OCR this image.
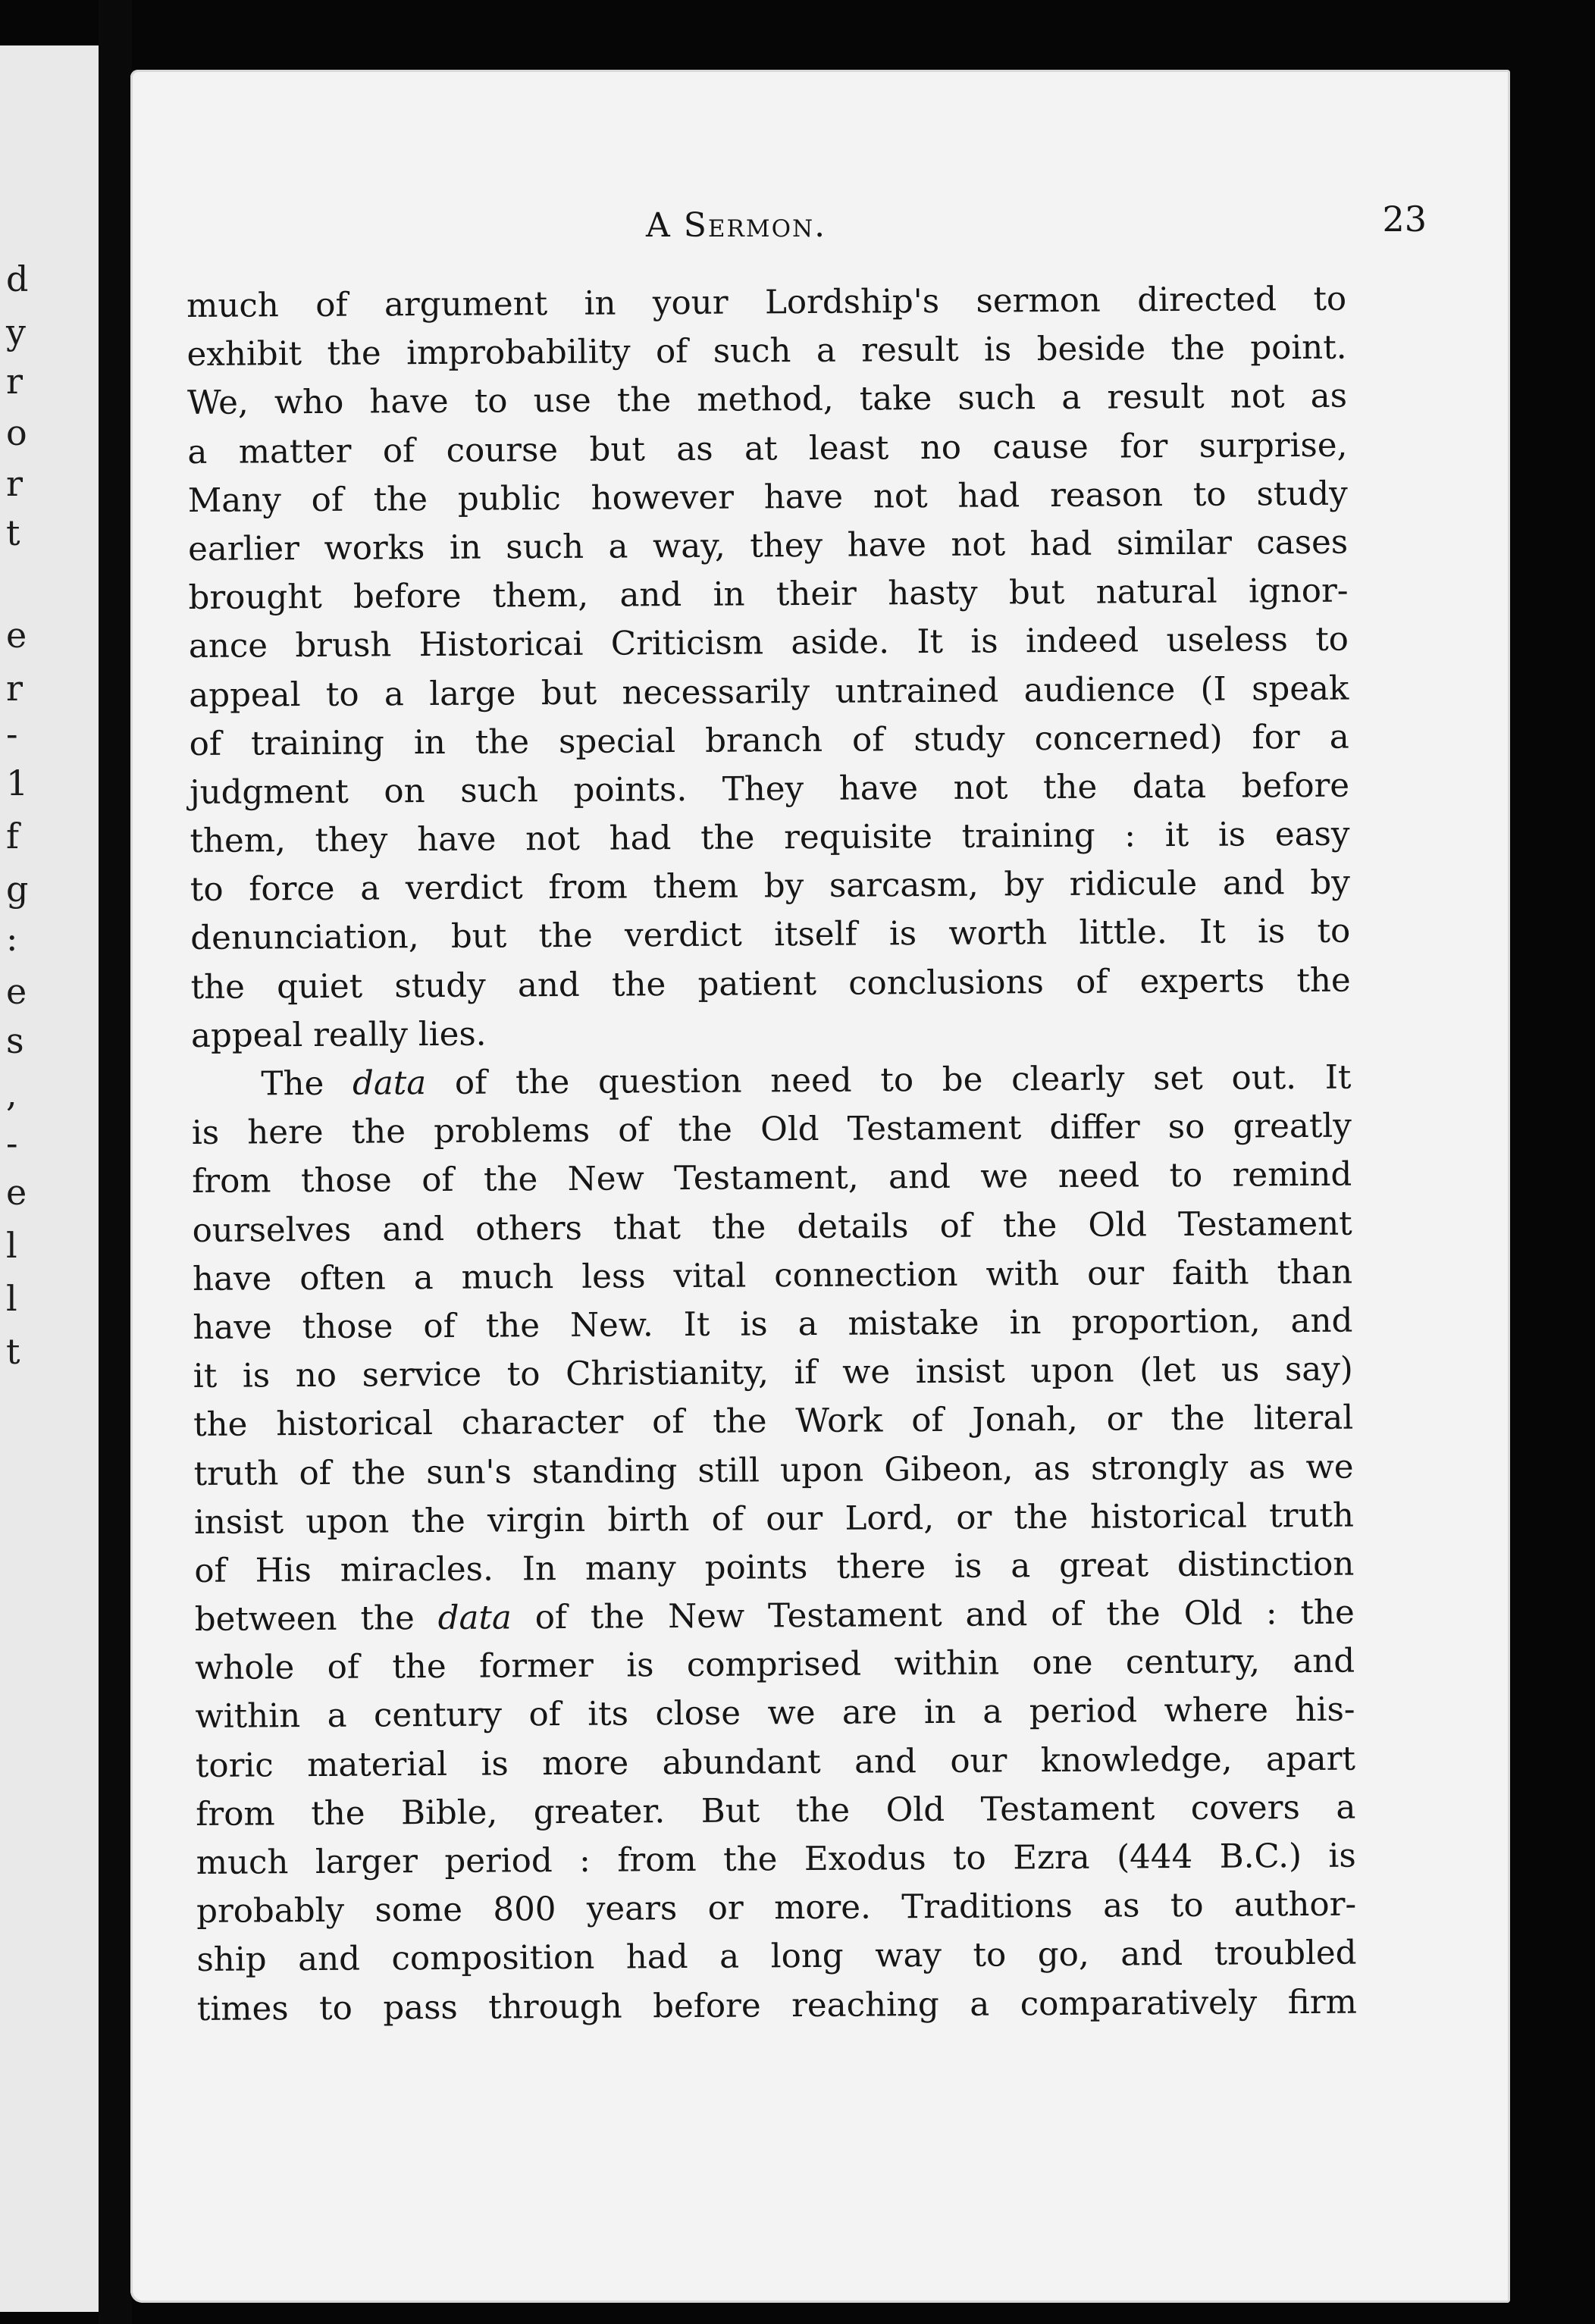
d
y
r
o
r
t
e
r
-
1
f
g
:
e
s
,
-
e
l
l
t
A Sermon.	23
much of argument in your Lordship's sermon directed to
exhibit the improbability of such a result is beside the point.
We, who have to use the method, take such a result not as
a matter of course but as at least no cause for surprise,
Many of the public however have not had reason to study
earlier works in such a way, they have not had similar cases
brought before them, and in their hasty but natural ignor-
ance brush Historicai Criticism aside. It is indeed useless to
appeal to a large but necessarily untrained audience (I speak
of training in the special branch of study concerned) for a
judgment on such points. They have not the data before
them, they have not had the requisite training : it is easy
to force a verdict from them by sarcasm, by ridicule and by
denunciation, but the verdict itself is worth little. It is to
the quiet study and the patient conclusions of experts the
appeal really lies.
The data of the question need to be clearly set out. It
is here the problems of the Old Testament differ so greatly
from those of the New Testament, and we need to remind
ourselves and others that the details of the Old Testament
have often a much less vital connection with our faith than
have those of the New. It is a mistake in proportion, and
it is no service to Christianity, if we insist upon (let us say)
the historical character of the Work of Jonah, or the literal
truth of the sun's standing still upon Gibeon, as strongly as we
insist upon the virgin birth of our Lord, or the historical truth
of His miracles. In many points there is a great distinction
between the data of the New Testament and of the Old : the
whole of the former is comprised within one century, and
within a century of its close we are in a period where his-
toric material is more abundant and our knowledge, apart
from the Bible, greater. But the Old Testament covers a
much larger period : from the Exodus to Ezra (444 B.C.) is
probably some 800 years or more. Traditions as to author-
ship and composition had a long way to go, and troubled
times to pass through before reaching a comparatively firm
